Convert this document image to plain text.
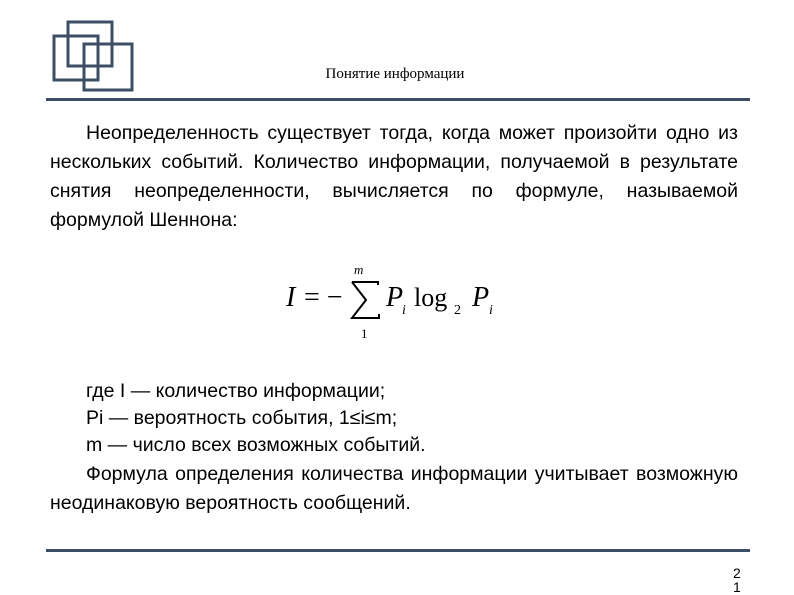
Понятие информации
Неопределенность существует тогда, когда может произойти одно из нескольких событий. Количество информации, получаемой в результате снятия неопределенности, вычисляется по формуле, называемой формулой Шеннона:
I = −
m
1
P
i log 2 P i
где I — количество информации;
Pi — вероятность события, 1≤i≤m;
m — число всех возможных событий.
Формула определения количества информации учитывает возможную неодинаковую вероятность сообщений.
21
